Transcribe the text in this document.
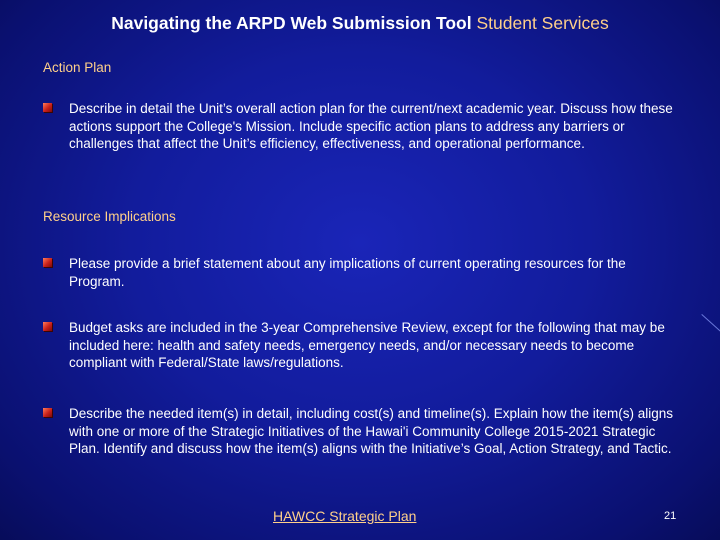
Navigating the ARPD Web Submission Tool Student Services
Action Plan
Describe in detail the Unit’s overall action plan for the current/next academic year. Discuss how these actions support the College's Mission. Include specific action plans to address any barriers or challenges that affect the Unit’s efficiency, effectiveness, and operational performance.
Resource Implications
Please provide a brief statement about any implications of current operating resources for the Program.
Budget asks are included in the 3-year Comprehensive Review, except for the following that may be included here: health and safety needs, emergency needs, and/or necessary needs to become compliant with Federal/State laws/regulations.
Describe the needed item(s) in detail, including cost(s) and timeline(s). Explain how the item(s) aligns with one or more of the Strategic Initiatives of the Hawai'i Community College 2015-2021 Strategic Plan. Identify and discuss how the item(s) aligns with the Initiative’s Goal, Action Strategy, and Tactic.
HAWCC Strategic Plan	21
